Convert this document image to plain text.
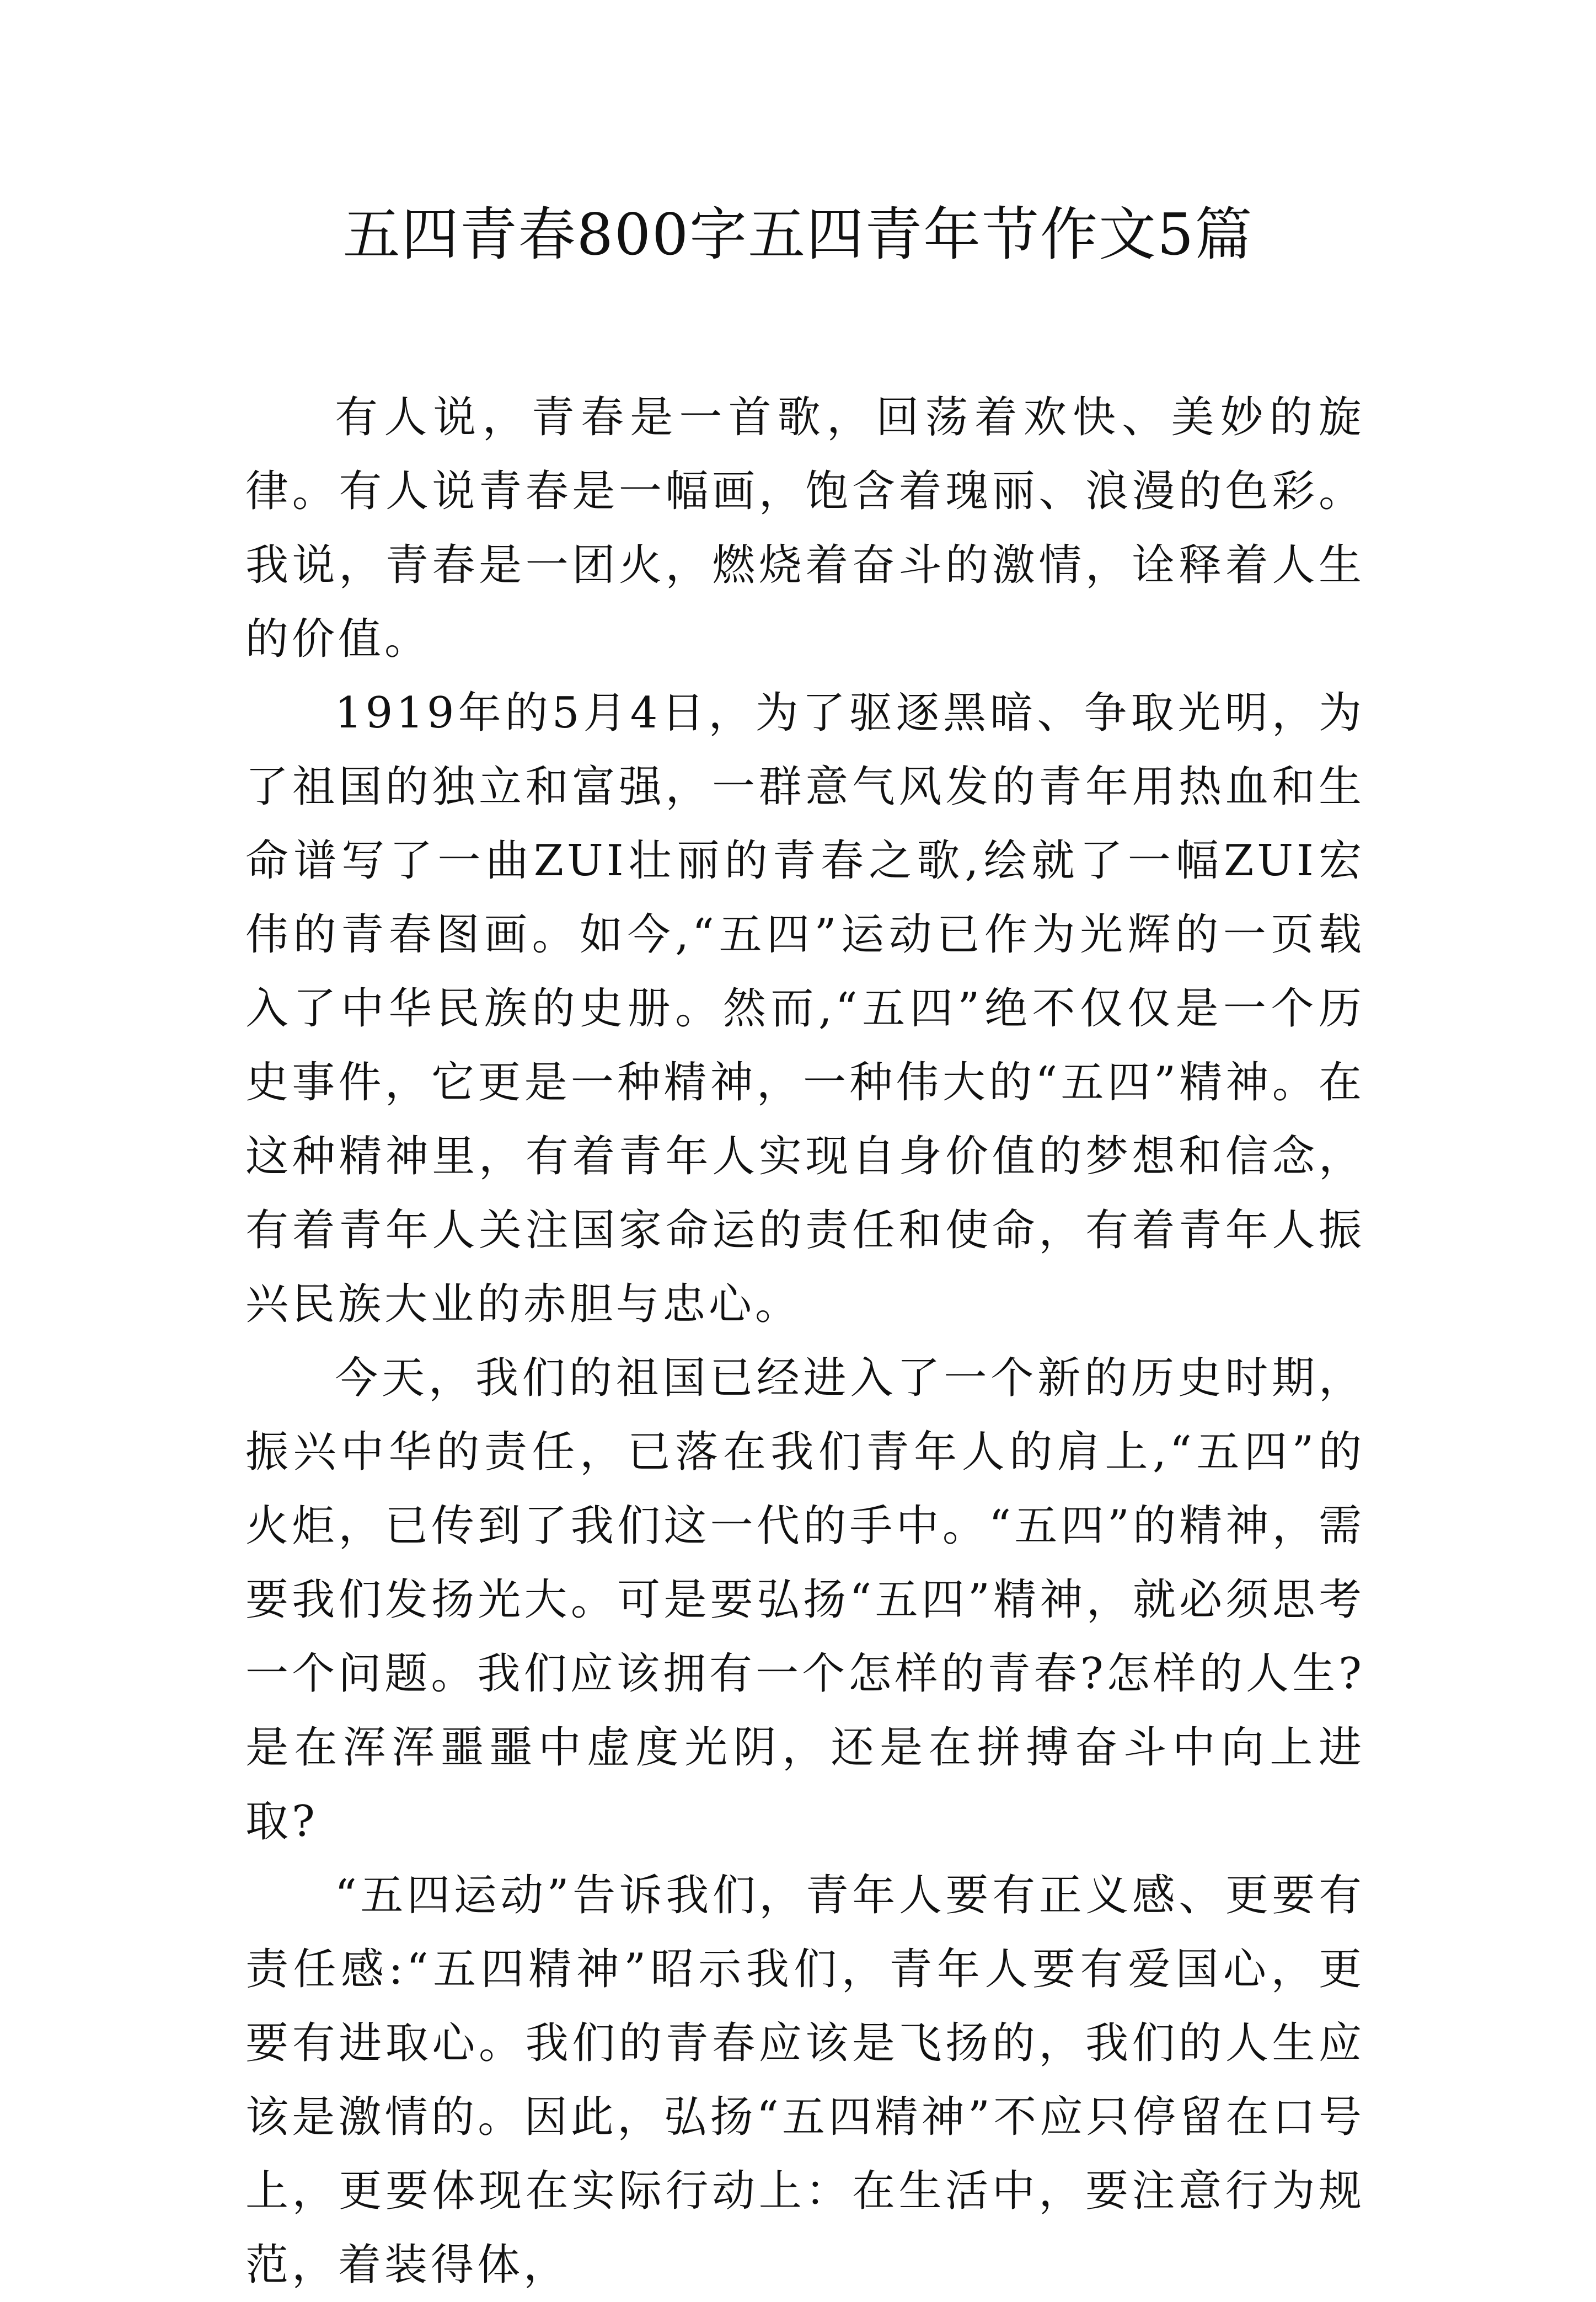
五四青春800字五四青年节作文5篇

有人说，青春是一首歌，回荡着欢快、美妙的旋律。有人说青春是一幅画，饱含着瑰丽、浪漫的色彩。我说，青春是一团火，燃烧着奋斗的激情，诠释着人生的价值。

1919年的5月4日，为了驱逐黑暗、争取光明，为了祖国的独立和富强，一群意气风发的青年用热血和生命谱写了一曲ZUI壮丽的青春之歌,绘就了一幅ZUI宏伟的青春图画。如今,“五四”运动已作为光辉的一页载入了中华民族的史册。然而,“五四”绝不仅仅是一个历史事件，它更是一种精神，一种伟大的“五四”精神。在这种精神里，有着青年人实现自身价值的梦想和信念，有着青年人关注国家命运的责任和使命，有着青年人振兴民族大业的赤胆与忠心。

今天，我们的祖国已经进入了一个新的历史时期，振兴中华的责任，已落在我们青年人的肩上,“五四”的火炬，已传到了我们这一代的手中。“五四”的精神，需要我们发扬光大。可是要弘扬“五四”精神，就必须思考一个问题。我们应该拥有一个怎样的青春?怎样的人生?是在浑浑噩噩中虚度光阴，还是在拼搏奋斗中向上进取?

“五四运动”告诉我们，青年人要有正义感、更要有责任感:“五四精神”昭示我们，青年人要有爱国心，更要有进取心。我们的青春应该是飞扬的，我们的人生应该是激情的。因此，弘扬“五四精神”不应只停留在口号上，更要体现在实际行动上：在生活中，要注意行为规范，着装得体，
